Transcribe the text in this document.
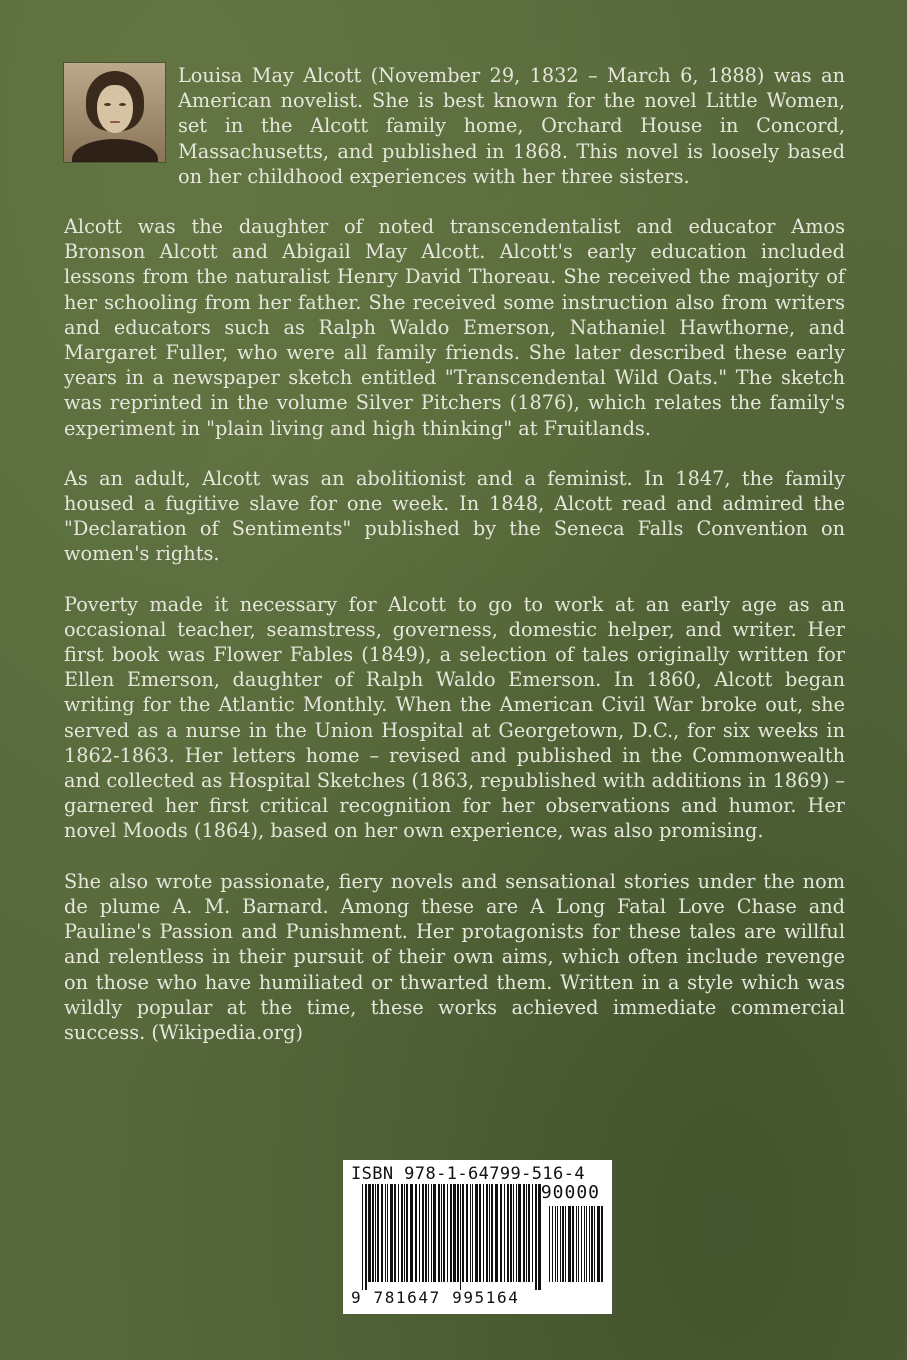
Louisa May Alcott (November 29, 1832 – March 6, 1888) was an American novelist. She is best known for the novel Little Women, set in the Alcott family home, Orchard House in Concord, Massachusetts, and published in 1868. This novel is loosely based on her childhood experiences with her three sisters.

Alcott was the daughter of noted transcendentalist and educator Amos Bronson Alcott and Abigail May Alcott. Alcott's early education included lessons from the naturalist Henry David Thoreau. She received the majority of her schooling from her father. She received some instruction also from writers and educators such as Ralph Waldo Emerson, Nathaniel Hawthorne, and Margaret Fuller, who were all family friends. She later described these early years in a newspaper sketch entitled "Transcendental Wild Oats." The sketch was reprinted in the volume Silver Pitchers (1876), which relates the family's experiment in "plain living and high thinking" at Fruitlands.

As an adult, Alcott was an abolitionist and a feminist. In 1847, the family housed a fugitive slave for one week. In 1848, Alcott read and admired the "Declaration of Sentiments" published by the Seneca Falls Convention on women's rights.

Poverty made it necessary for Alcott to go to work at an early age as an occasional teacher, seamstress, governess, domestic helper, and writer. Her first book was Flower Fables (1849), a selection of tales originally written for Ellen Emerson, daughter of Ralph Waldo Emerson. In 1860, Alcott began writing for the Atlantic Monthly. When the American Civil War broke out, she served as a nurse in the Union Hospital at Georgetown, D.C., for six weeks in 1862-1863. Her letters home – revised and published in the Commonwealth and collected as Hospital Sketches (1863, republished with additions in 1869) – garnered her first critical recognition for her observations and humor. Her novel Moods (1864), based on her own experience, was also promising.

She also wrote passionate, fiery novels and sensational stories under the nom de plume A. M. Barnard. Among these are A Long Fatal Love Chase and Pauline's Passion and Punishment. Her protagonists for these tales are willful and relentless in their pursuit of their own aims, which often include revenge on those who have humiliated or thwarted them. Written in a style which was wildly popular at the time, these works achieved immediate commercial success. (Wikipedia.org)

ISBN 978-1-64799-516-4
90000
9 781647 995164
